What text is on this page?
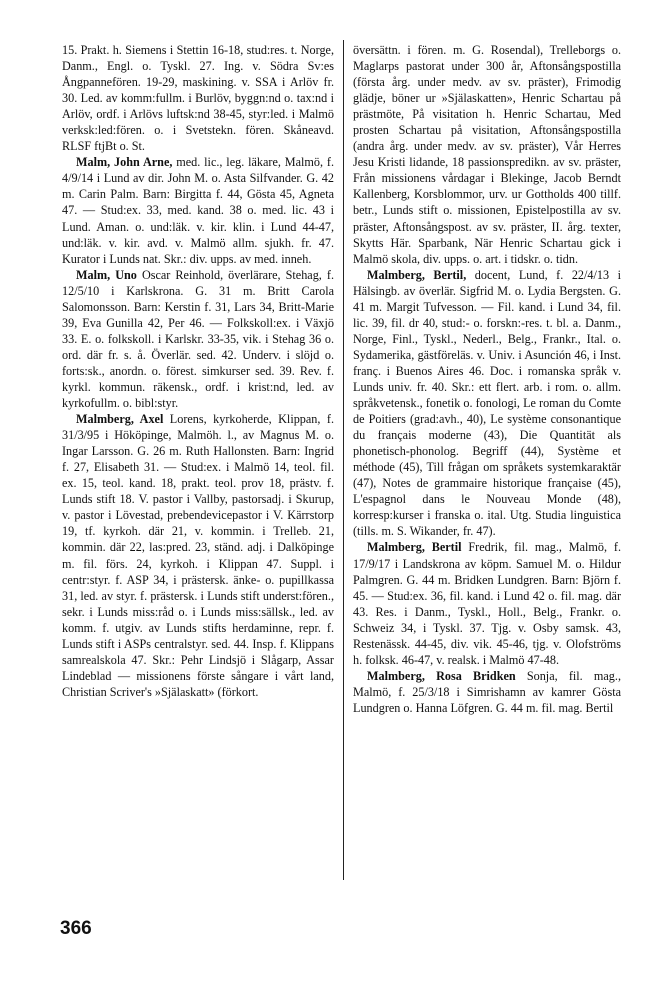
15. Prakt. h. Siemens i Stettin 16-18, stud:res. t. Norge, Danm., Engl. o. Tyskl. 27. Ing. v. Södra Sv:es Ångpannefören. 19-29, maskining. v. SSA i Arlöv fr. 30. Led. av komm:fullm. i Burlöv, byggn:nd o. tax:nd i Arlöv, ordf. i Arlövs luftsk:nd 38-45, styr:led. i Malmö verksk:led:fören. o. i Svetstekn. fören. Skåneavd. RLSF ftjBt o. St.

Malm, John Arne, med. lic., leg. läkare, Malmö, f. 4/9/14 i Lund av dir. John M. o. Asta Silfvander. G. 42 m. Carin Palm. Barn: Birgitta f. 44, Gösta 45, Agneta 47. — Stud:ex. 33, med. kand. 38 o. med. lic. 43 i Lund. Aman. o. und:läk. v. kir. klin. i Lund 44-47, und:läk. v. kir. avd. v. Malmö allm. sjukh. fr. 47. Kurator i Lunds nat. Skr.: div. upps. av med. inneh.

Malm, Uno Oscar Reinhold, överlärare, Stehag, f. 12/5/10 i Karlskrona. G. 31 m. Britt Carola Salomonsson. Barn: Kerstin f. 31, Lars 34, Britt-Marie 39, Eva Gunilla 42, Per 46. — Folkskoll:ex. i Växjö 33. E. o. folkskoll. i Karlskr. 33-35, vik. i Stehag 36 o. ord. där fr. s. å. Överlär. sed. 42. Underv. i slöjd o. forts:sk., anordn. o. förest. simkurser sed. 39. Rev. f. kyrkl. kommun. räkensk., ordf. i krist:nd, led. av kyrkofullm. o. bibl:styr.

Malmberg, Axel Lorens, kyrkoherde, Klippan, f. 31/3/95 i Hököpinge, Malmöh. l., av Magnus M. o. Ingar Larsson. G. 26 m. Ruth Hallonsten. Barn: Ingrid f. 27, Elisabeth 31. — Stud:ex. i Malmö 14, teol. fil. ex. 15, teol. kand. 18, prakt. teol. prov 18, prästv. f. Lunds stift 18. V. pastor i Vallby, pastorsadj. i Skurup, v. pastor i Lövestad, prebendevicepastor i V. Kärrstorp 19, tf. kyrkoh. där 21, v. kommin. i Trelleb. 21, kommin. där 22, las:pred. 23, ständ. adj. i Dalköpinge m. fil. förs. 24, kyrkoh. i Klippan 47. Suppl. i centr:styr. f. ASP 34, i prästersk. änke- o. pupillkassa 31, led. av styr. f. prästersk. i Lunds stift underst:fören., sekr. i Lunds miss:råd o. i Lunds miss:sällsk., led. av komm. f. utgiv. av Lunds stifts herdaminne, repr. f. Lunds stift i ASPs centralstyr. sed. 44. Insp. f. Klippans samrealskola 47. Skr.: Pehr Lindsjö i Slågarp, Assar Lindeblad — missionens förste sångare i vårt land, Christian Scriver's »Själaskatt» (förkort.

översättn. i fören. m. G. Rosendal), Trelleborgs o. Maglarps pastorat under 300 år, Aftonsångspostilla (första årg. under medv. av sv. präster), Frimodig glädje, böner ur »Själaskatten», Henric Schartau på prästmöte, På visitation h. Henric Schartau, Med prosten Schartau på visitation, Aftonsångspostilla (andra årg. under medv. av sv. präster), Vår Herres Jesu Kristi lidande, 18 passionspredikn. av sv. präster, Från missionens vårdagar i Blekinge, Jacob Berndt Kallenberg, Korsblommor, urv. ur Gottholds 400 tillf. betr., Lunds stift o. missionen, Epistelpostilla av sv. präster, Aftonsångspost. av sv. präster, II. årg. texter, Skytts Här. Sparbank, När Henric Schartau gick i Malmö skola, div. upps. o. art. i tidskr. o. tidn.

Malmberg, Bertil, docent, Lund, f. 22/4/13 i Hälsingb. av överlär. Sigfrid M. o. Lydia Bergsten. G. 41 m. Margit Tufvesson. — Fil. kand. i Lund 34, fil. lic. 39, fil. dr 40, stud:- o. forskn:-res. t. bl. a. Danm., Norge, Finl., Tyskl., Nederl., Belg., Frankr., Ital. o. Sydamerika, gästföreläs. v. Univ. i Asunción 46, i Inst. franç. i Buenos Aires 46. Doc. i romanska språk v. Lunds univ. fr. 40. Skr.: ett flert. arb. i rom. o. allm. språkvetensk., fonetik o. fonologi, Le roman du Comte de Poitiers (grad:avh., 40), Le système consonantique du français moderne (43), Die Quantität als phonetisch-phonolog. Begriff (44), Système et méthode (45), Till frågan om språkets systemkaraktär (47), Notes de grammaire historique française (45), L'espagnol dans le Nouveau Monde (48), korresp:kurser i franska o. ital. Utg. Studia linguistica (tills. m. S. Wikander, fr. 47).

Malmberg, Bertil Fredrik, fil. mag., Malmö, f. 17/9/17 i Landskrona av köpm. Samuel M. o. Hildur Palmgren. G. 44 m. Bridken Lundgren. Barn: Björn f. 45. — Stud:ex. 36, fil. kand. i Lund 42 o. fil. mag. där 43. Res. i Danm., Tyskl., Holl., Belg., Frankr. o. Schweiz 34, i Tyskl. 37. Tjg. v. Osby samsk. 43, Restenässk. 44-45, div. vik. 45-46, tjg. v. Olofströms h. folksk. 46-47, v. realsk. i Malmö 47-48.

Malmberg, Rosa Bridken Sonja, fil. mag., Malmö, f. 25/3/18 i Simrishamn av kamrer Gösta Lundgren o. Hanna Löfgren. G. 44 m. fil. mag. Bertil

366
